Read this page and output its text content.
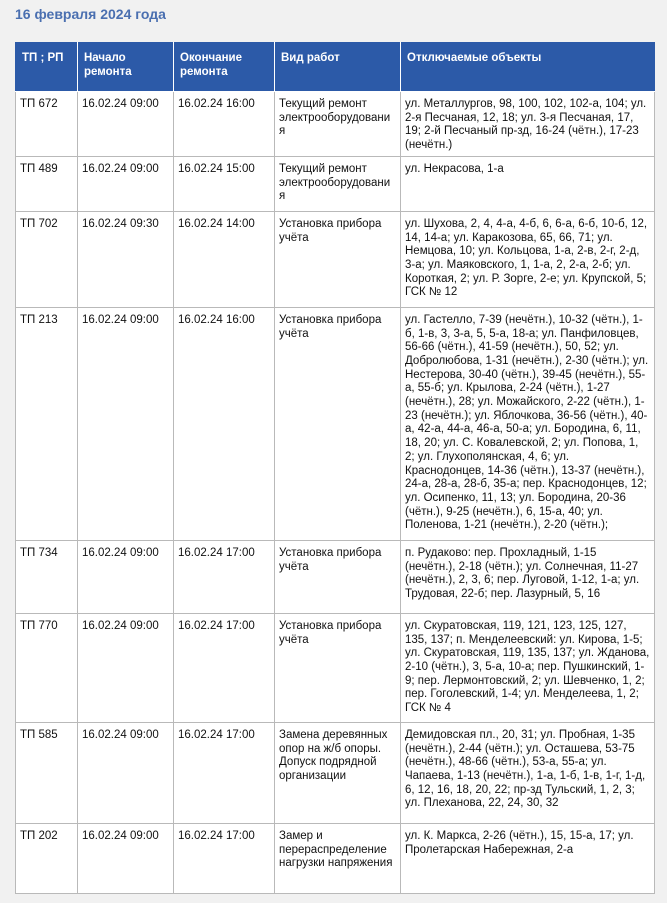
16 февраля 2024 года
ТП ; РП	Начало ремонта	Окончание ремонта	Вид работ	Отключаемые объекты
ТП 672	16.02.24 09:00	16.02.24 16:00	Текущий ремонт электрооборудования	ул. Металлургов, 98, 100, 102, 102-а, 104; ул. 2-я Песчаная, 12, 18; ул. 3-я Песчаная, 17, 19; 2-й Песчаный пр-зд, 16-24 (чётн.), 17-23 (нечётн.)
ТП 489	16.02.24 09:00	16.02.24 15:00	Текущий ремонт электрооборудования	ул. Некрасова, 1-а
ТП 702	16.02.24 09:30	16.02.24 14:00	Установка прибора учёта	ул. Шухова, 2, 4, 4-а, 4-б, 6, 6-а, 6-б, 10-б, 12, 14, 14-а; ул. Каракозова, 65, 66, 71; ул. Немцова, 10; ул. Кольцова, 1-а, 2-в, 2-г, 2-д, 3-а; ул. Маяковского, 1, 1-а, 2, 2-а, 2-б; ул. Короткая, 2; ул. Р. Зорге, 2-е; ул. Крупской, 5; ГСК № 12
ТП 213	16.02.24 09:00	16.02.24 16:00	Установка прибора учёта	ул. Гастелло, 7-39 (нечётн.), 10-32 (чётн.), 1-б, 1-в, 3, 3-а, 5, 5-а, 18-а; ул. Панфиловцев, 56-66 (чётн.), 41-59 (нечётн.), 50, 52; ул. Добролюбова, 1-31 (нечётн.), 2-30 (чётн.); ул. Нестерова, 30-40 (чётн.), 39-45 (нечётн.), 55-а, 55-б; ул. Крылова, 2-24 (чётн.), 1-27 (нечётн.), 28; ул. Можайского, 2-22 (чётн.), 1-23 (нечётн.); ул. Яблочкова, 36-56 (чётн.), 40-а, 42-а, 44-а, 46-а, 50-а; ул. Бородина, 6, 11, 18, 20; ул. С. Ковалевской, 2; ул. Попова, 1, 2; ул. Глухополянская, 4, 6; ул. Краснодонцев, 14-36 (чётн.), 13-37 (нечётн.), 24-а, 28-а, 28-б, 35-а; пер. Краснодонцев, 12; ул. Осипенко, 11, 13; ул. Бородина, 20-36 (чётн.), 9-25 (нечётн.), 6, 15-а, 40; ул. Поленова, 1-21 (нечётн.), 2-20 (чётн.);
ТП 734	16.02.24 09:00	16.02.24 17:00	Установка прибора учёта	п. Рудаково: пер. Прохладный, 1-15 (нечётн.), 2-18 (чётн.); ул. Солнечная, 11-27 (нечётн.), 2, 3, 6; пер. Луговой, 1-12, 1-а; ул. Трудовая, 22-б; пер. Лазурный, 5, 16
ТП 770	16.02.24 09:00	16.02.24 17:00	Установка прибора учёта	ул. Скуратовская, 119, 121, 123, 125, 127, 135, 137; п. Менделеевский: ул. Кирова, 1-5; ул. Скуратовская, 119, 135, 137; ул. Жданова, 2-10 (чётн.), 3, 5-а, 10-а; пер. Пушкинский, 1-9; пер. Лермонтовский, 2; ул. Шевченко, 1, 2; пер. Гоголевский, 1-4; ул. Менделеева, 1, 2; ГСК № 4
ТП 585	16.02.24 09:00	16.02.24 17:00	Замена деревянных опор на ж/б опоры. Допуск подрядной организации	Демидовская пл., 20, 31; ул. Пробная, 1-35 (нечётн.), 2-44 (чётн.); ул. Осташева, 53-75 (нечётн.), 48-66 (чётн.), 53-а, 55-а; ул. Чапаева, 1-13 (нечётн.), 1-а, 1-б, 1-в, 1-г, 1-д, 6, 12, 16, 18, 20, 22; пр-зд Тульский, 1, 2, 3; ул. Плеханова, 22, 24, 30, 32
ТП 202	16.02.24 09:00	16.02.24 17:00	Замер и перераспределение нагрузки напряжения	ул. К. Маркса, 2-26 (чётн.), 15, 15-а, 17; ул. Пролетарская Набережная, 2-а
